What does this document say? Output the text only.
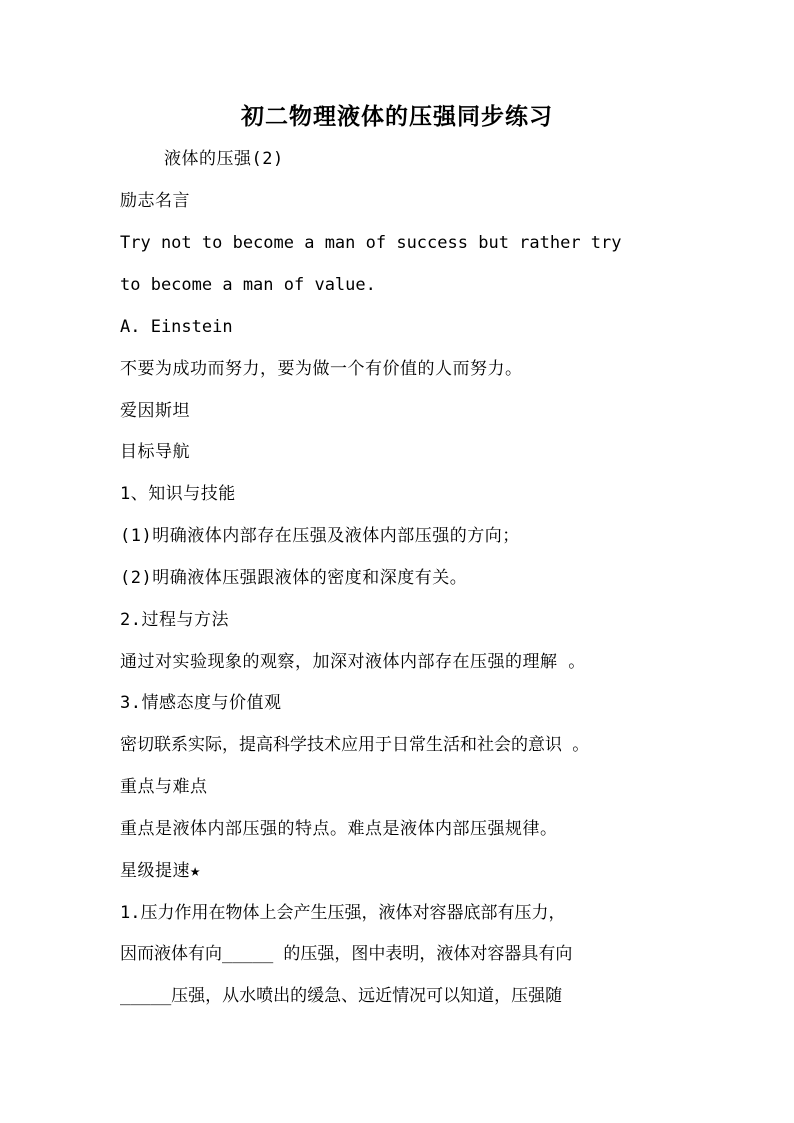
初二物理液体的压强同步练习
液体的压强(2)
励志名言
Try not to become a man of success but rather try
to become a man of value.
A. Einstein
不要为成功而努力，要为做一个有价值的人而努力。
爱因斯坦
目标导航
1、知识与技能
(1)明确液体内部存在压强及液体内部压强的方向；
(2)明确液体压强跟液体的密度和深度有关。
2.过程与方法
通过对实验现象的观察，加深对液体内部存在压强的理解 。
3.情感态度与价值观
密切联系实际，提高科学技术应用于日常生活和社会的意识 。
重点与难点
重点是液体内部压强的特点。难点是液体内部压强规律。
星级提速★
1.压力作用在物体上会产生压强，液体对容器底部有压力，
因而液体有向_____ 的压强，图中表明，液体对容器具有向
_____压强，从水喷出的缓急、远近情况可以知道，压强随
